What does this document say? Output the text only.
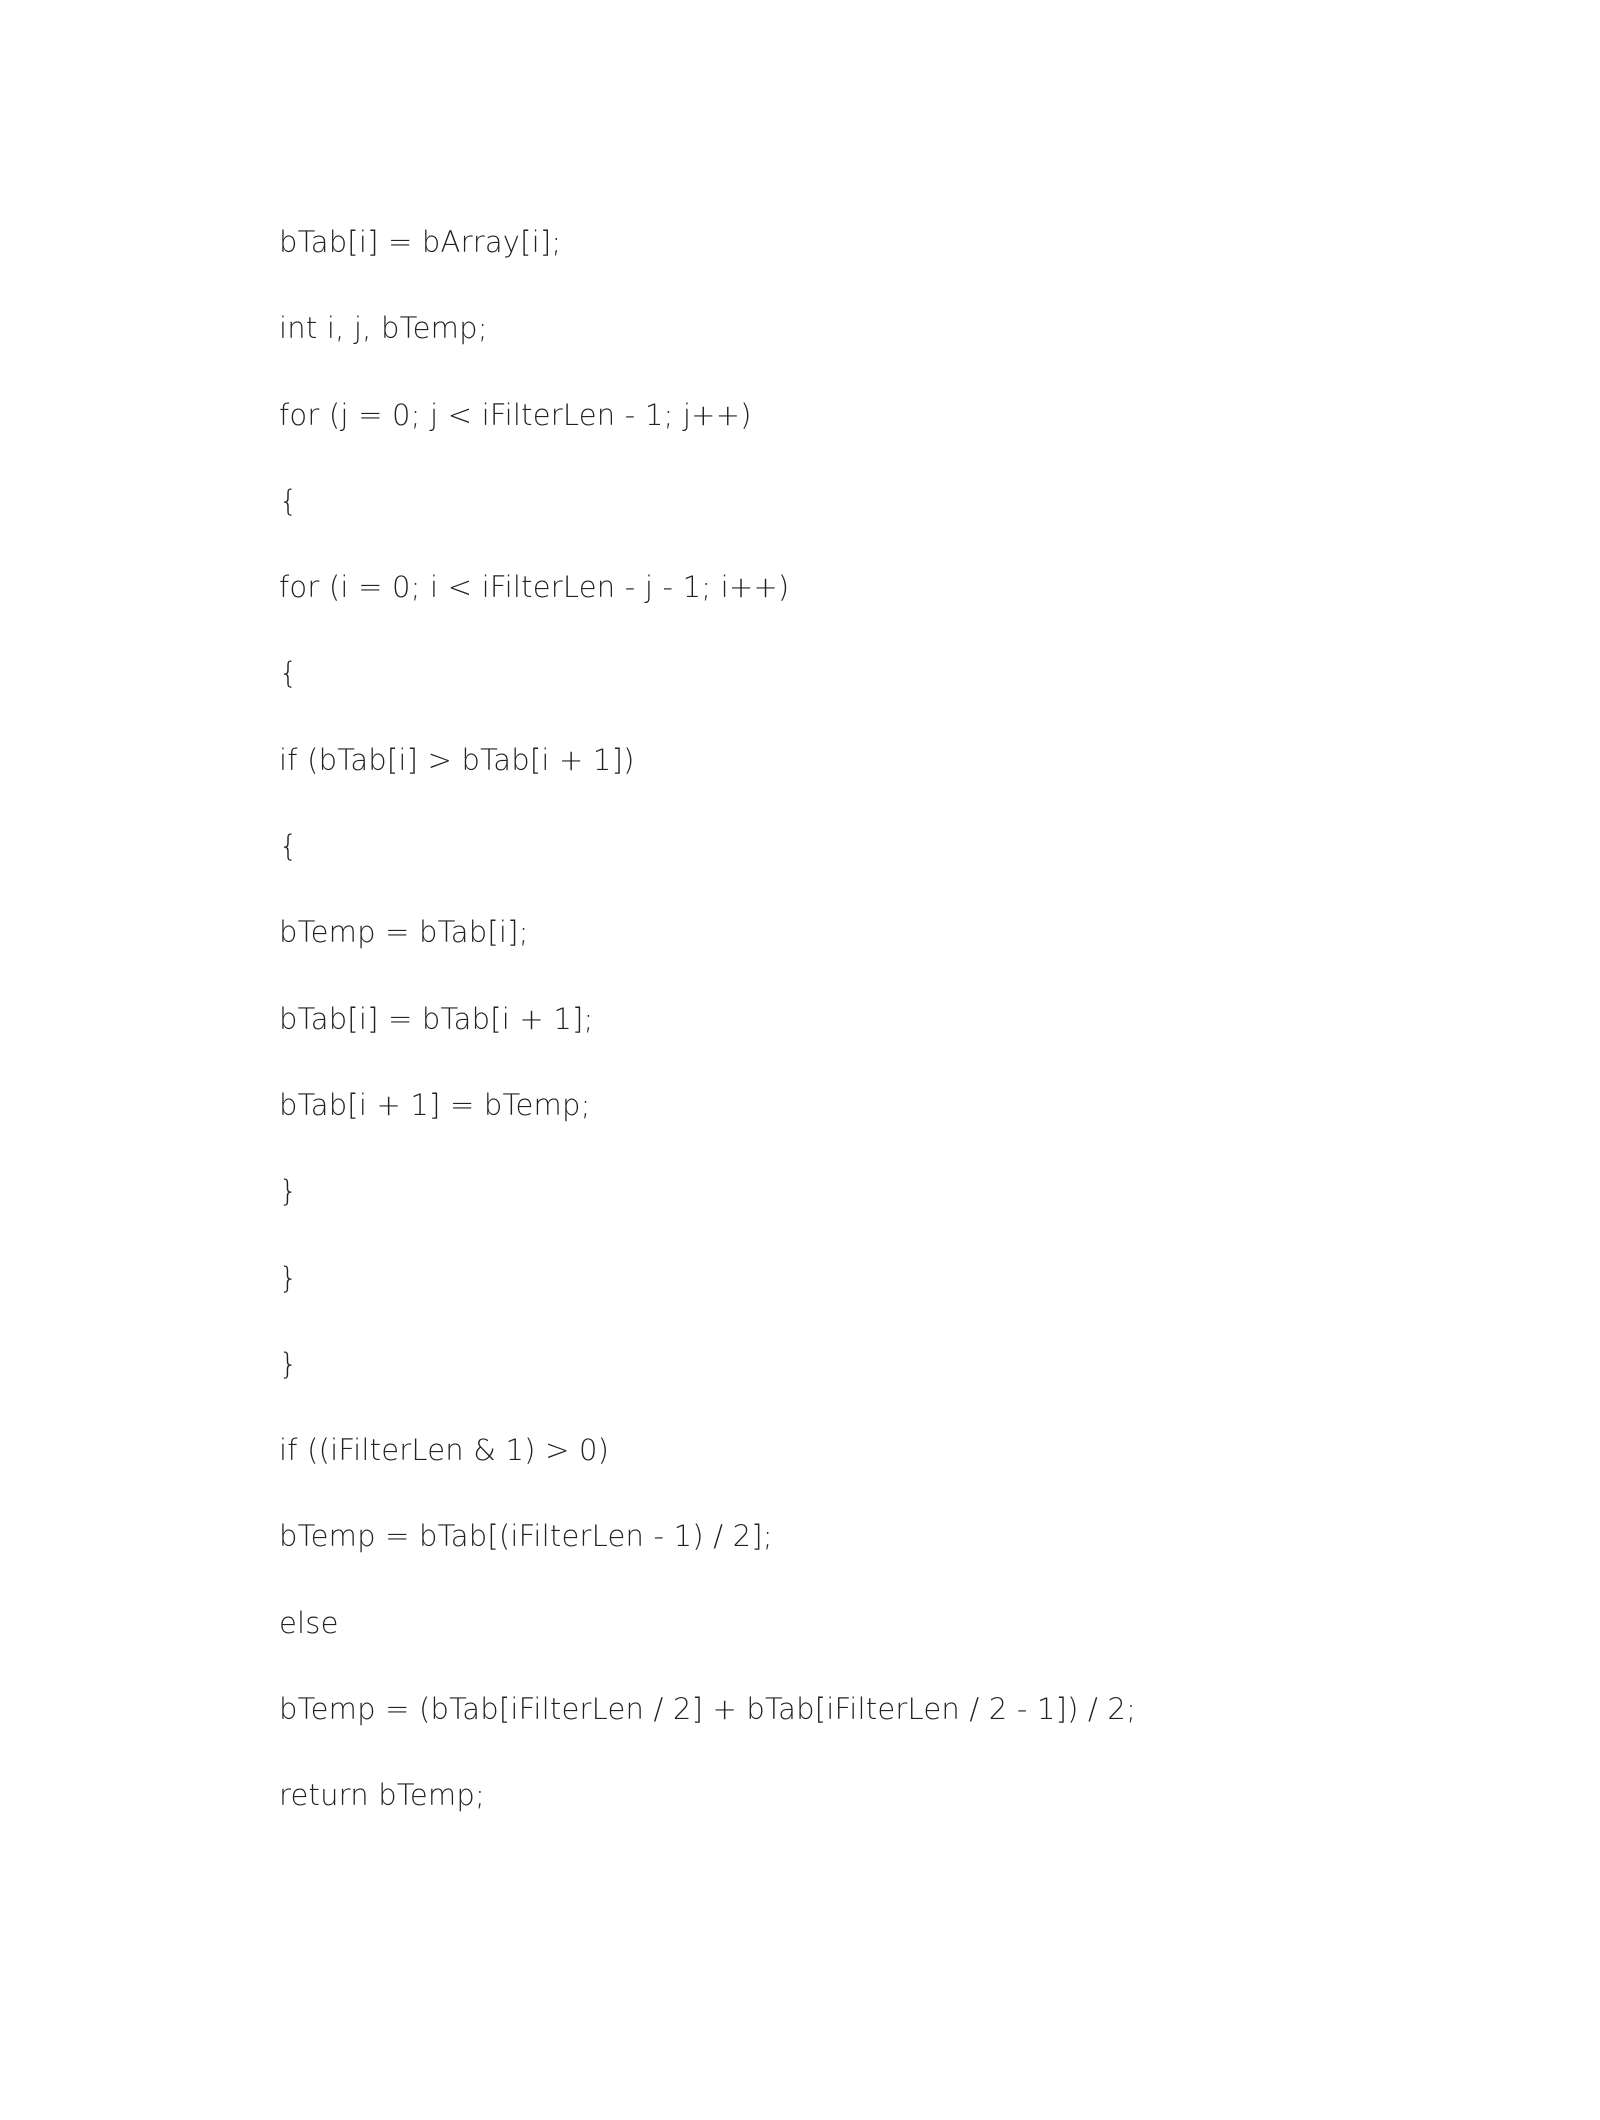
bTab[i] = bArray[i];
int i, j, bTemp;
for (j = 0; j < iFilterLen - 1; j++)
{
for (i = 0; i < iFilterLen - j - 1; i++)
{
if (bTab[i] > bTab[i + 1])
{
bTemp = bTab[i];
bTab[i] = bTab[i + 1];
bTab[i + 1] = bTemp;
}
}
}
if ((iFilterLen & 1) > 0)
bTemp = bTab[(iFilterLen - 1) / 2];
else
bTemp = (bTab[iFilterLen / 2] + bTab[iFilterLen / 2 - 1]) / 2;
return bTemp;
